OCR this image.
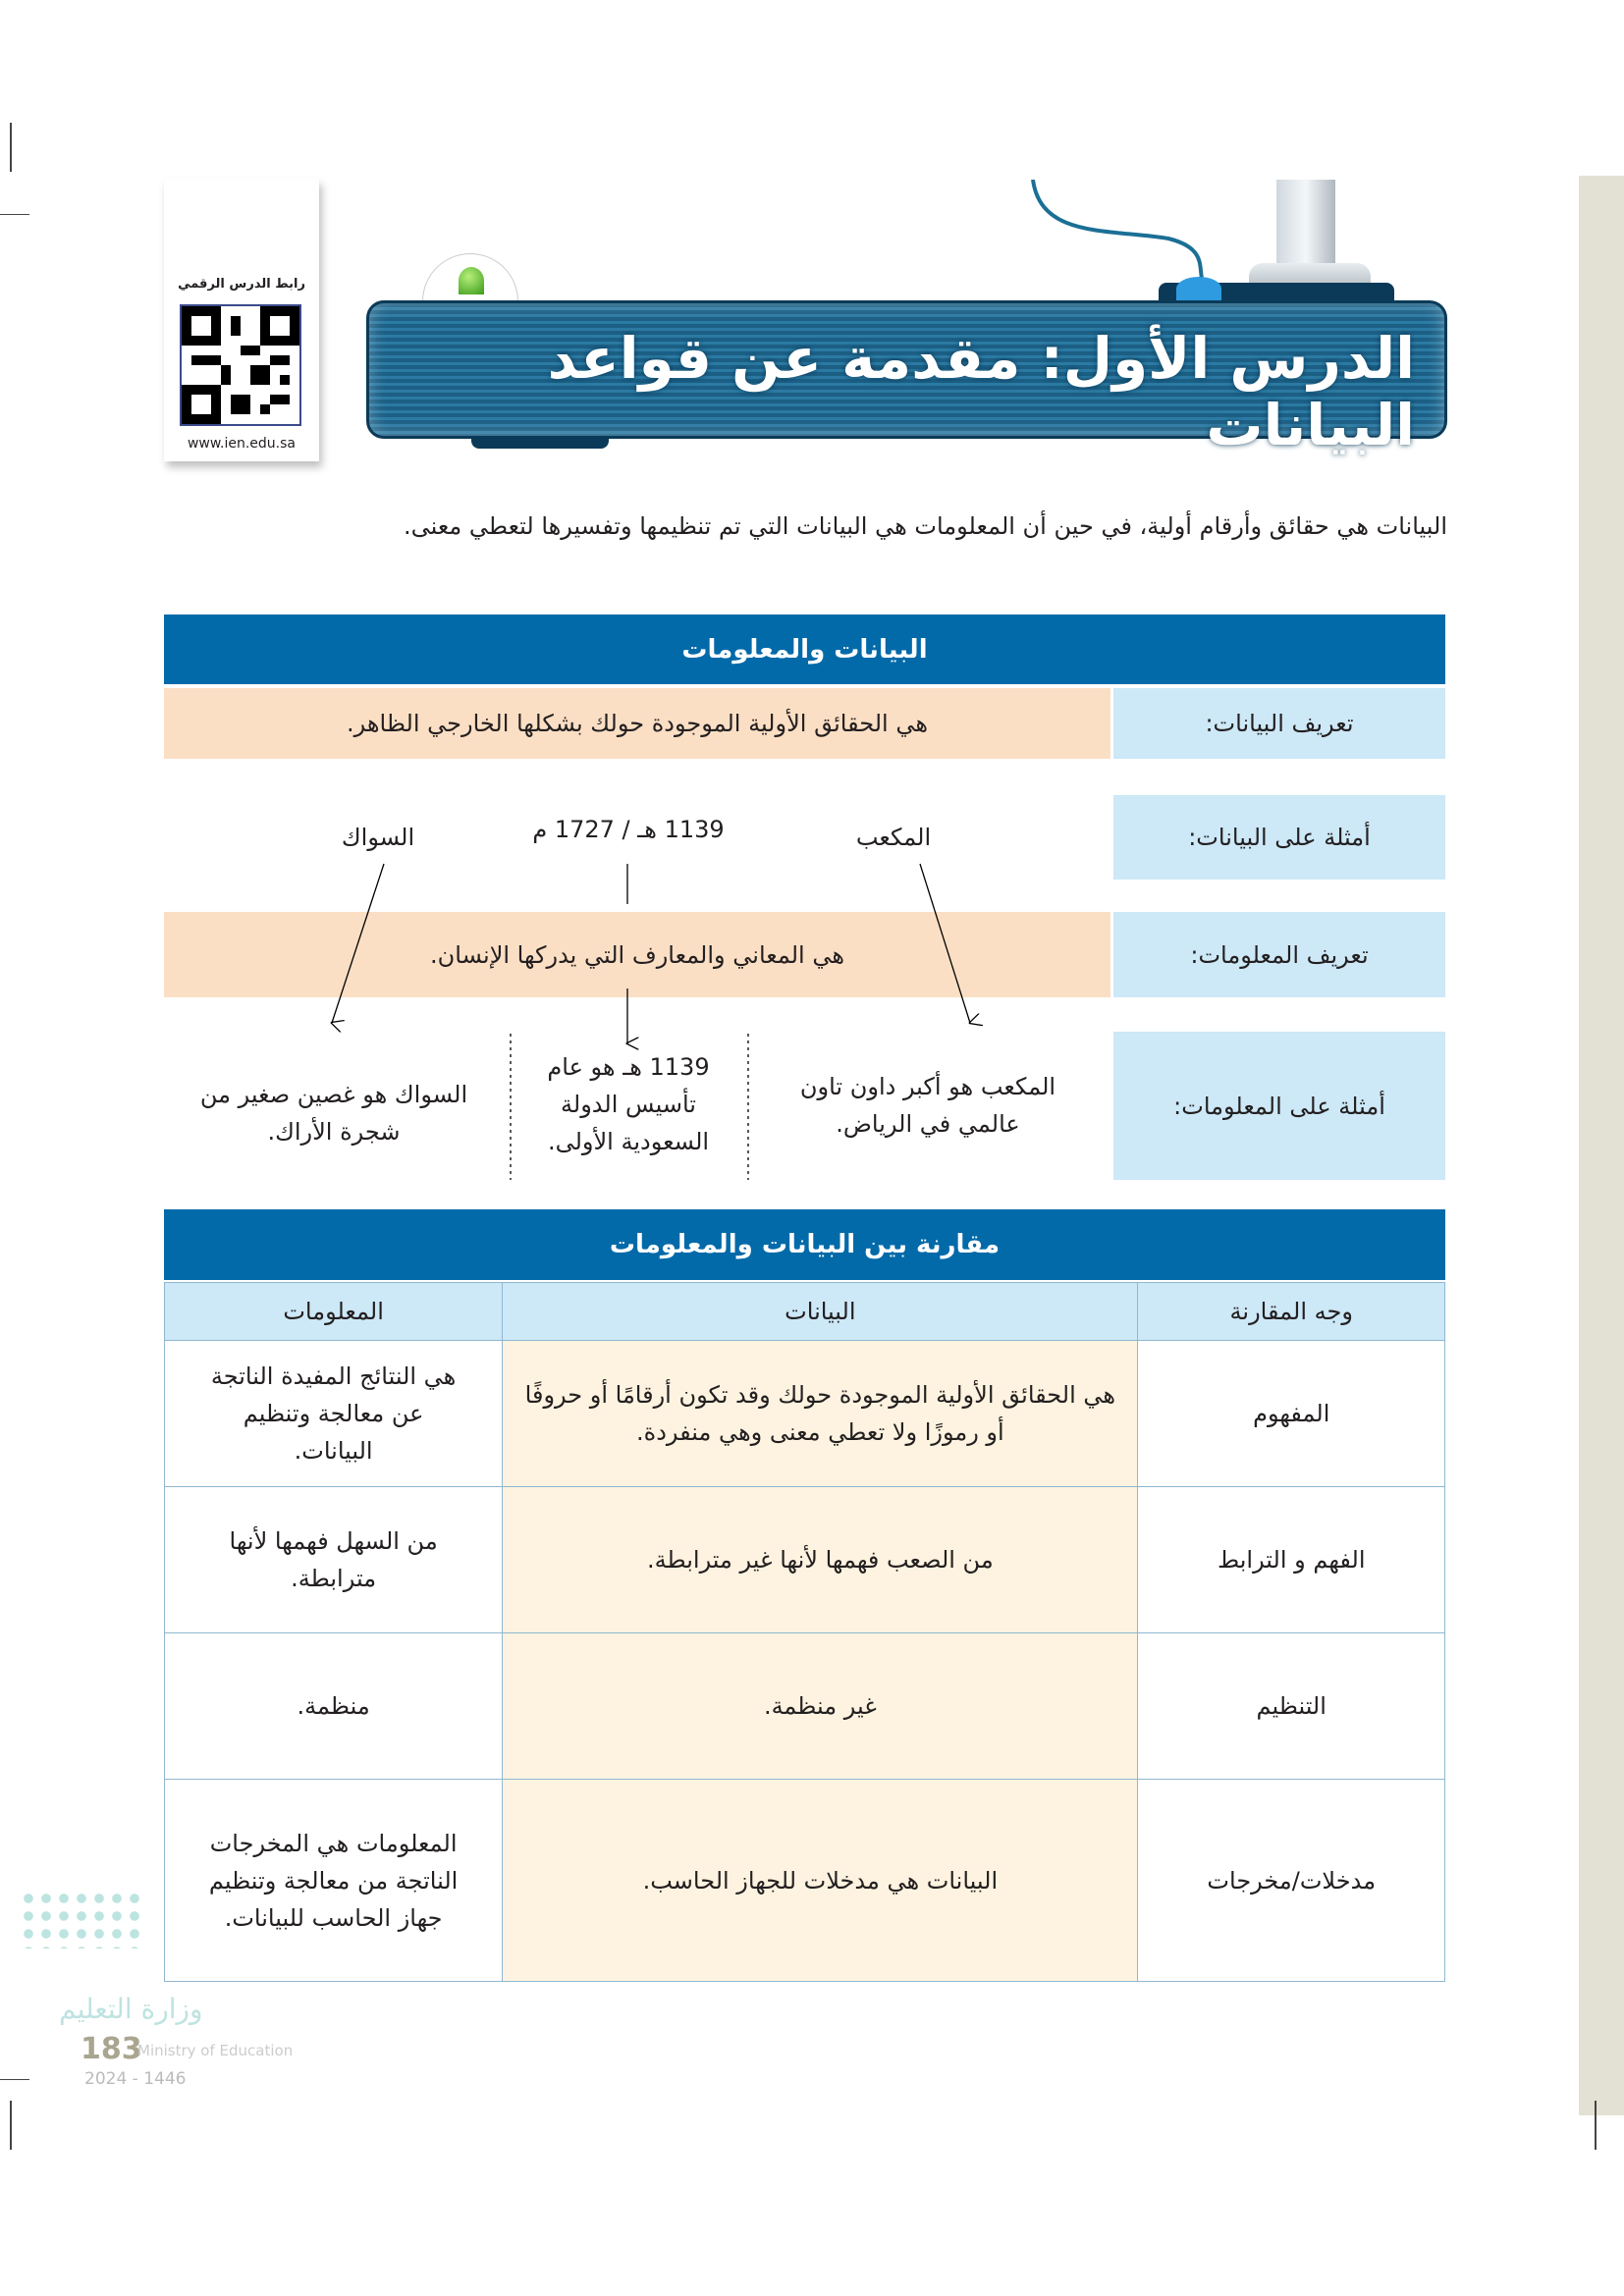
رابط الدرس الرقمي
www.ien.edu.sa
الدرس الأول: مقدمة عن قواعد البيانات
البيانات هي حقائق وأرقام أولية، في حين أن المعلومات هي البيانات التي تم تنظيمها وتفسيرها لتعطي معنى.
البيانات والمعلومات
تعريف البيانات:
هي الحقائق الأولية الموجودة حولك بشكلها الخارجي الظاهر.
أمثلة على البيانات:
المكعب
1139 هـ / 1727 م
السواك
تعريف المعلومات:
هي المعاني والمعارف التي يدركها الإنسان.
أمثلة على المعلومات:
المكعب هو أكبر داون تاون عالمي في الرياض.
1139 هـ هو عام تأسيس الدولة السعودية الأولى.
السواك هو غصين صغير من شجرة الأراك.
مقارنة بين البيانات والمعلومات
وجه المقارنة	البيانات	المعلومات
المفهوم	هي الحقائق الأولية الموجودة حولك وقد تكون أرقامًا أو حروفًا أو رموزًا ولا تعطي معنى وهي منفردة.	هي النتائج المفيدة الناتجة عن معالجة وتنظيم البيانات.
الفهم و الترابط	من الصعب فهمها لأنها غير مترابطة.	من السهل فهمها لأنها مترابطة.
التنظيم	غير منظمة.	منظمة.
مدخلات/مخرجات	البيانات هي مدخلات للجهاز الحاسب.	المعلومات هي المخرجات الناتجة من معالجة وتنظيم جهاز الحاسب للبيانات.
وزارة التعليم
183
Ministry of Education
2024 - 1446
